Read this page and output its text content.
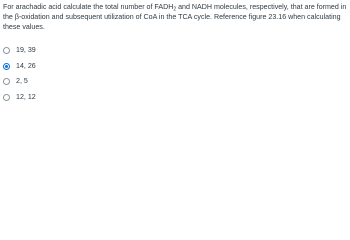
For arachadic acid calculate the total number of $FADH_2$ and NADH molecules, respectively, that are formed in the β-oxidation and subsequent utilization of CoA in the TCA cycle. Reference figure 23.16 when calculating these values.
19, 39
14, 26
2, 5
12, 12
